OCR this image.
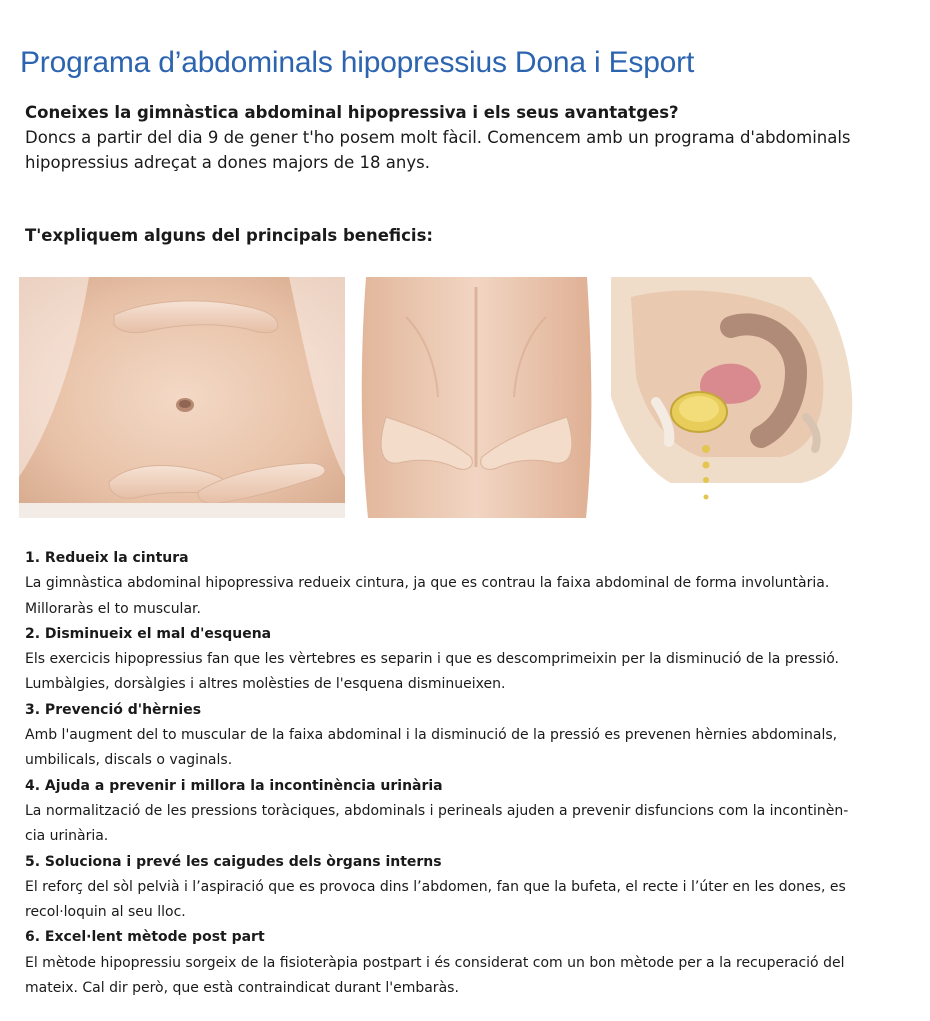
Programa d’abdominals hipopressius Dona i Esport
Coneixes la gimnàstica abdominal hipopressiva i els seus avantatges?
Doncs a partir del dia 9 de gener t'ho posem molt fàcil. Comencem amb un programa d'abdominals
hipopressius adreçat a dones majors de 18 anys.
T'expliquem alguns del principals beneficis:
1. Redueix la cintura
La gimnàstica abdominal hipopressiva redueix cintura, ja que es contrau la faixa abdominal de forma involuntària.
Milloraràs el to muscular.
2. Disminueix el mal d'esquena
Els exercicis hipopressius fan que les vèrtebres es separin i que es descomprimeixin per la disminució de la pressió.
Lumbàlgies, dorsàlgies i altres molèsties de l'esquena disminueixen.
3. Prevenció d'hèrnies
Amb l'augment del to muscular de la faixa abdominal i la disminució de la pressió es prevenen hèrnies abdominals,
umbilicals, discals o vaginals.
4. Ajuda a prevenir i millora la incontinència urinària
La normalització de les pressions toràciques, abdominals i perineals ajuden a prevenir disfuncions com la incontinèn-
cia urinària.
5. Soluciona i prevé les caigudes dels òrgans interns
El reforç del sòl pelvià i l’aspiració que es provoca dins l’abdomen, fan que la bufeta, el recte i l’úter en les dones, es
recol·loquin al seu lloc.
6. Excel·lent mètode post part
El mètode hipopressiu sorgeix de la fisioteràpia postpart i és considerat com un bon mètode per a la recuperació del
mateix. Cal dir però, que està contraindicat durant l'embaràs.
